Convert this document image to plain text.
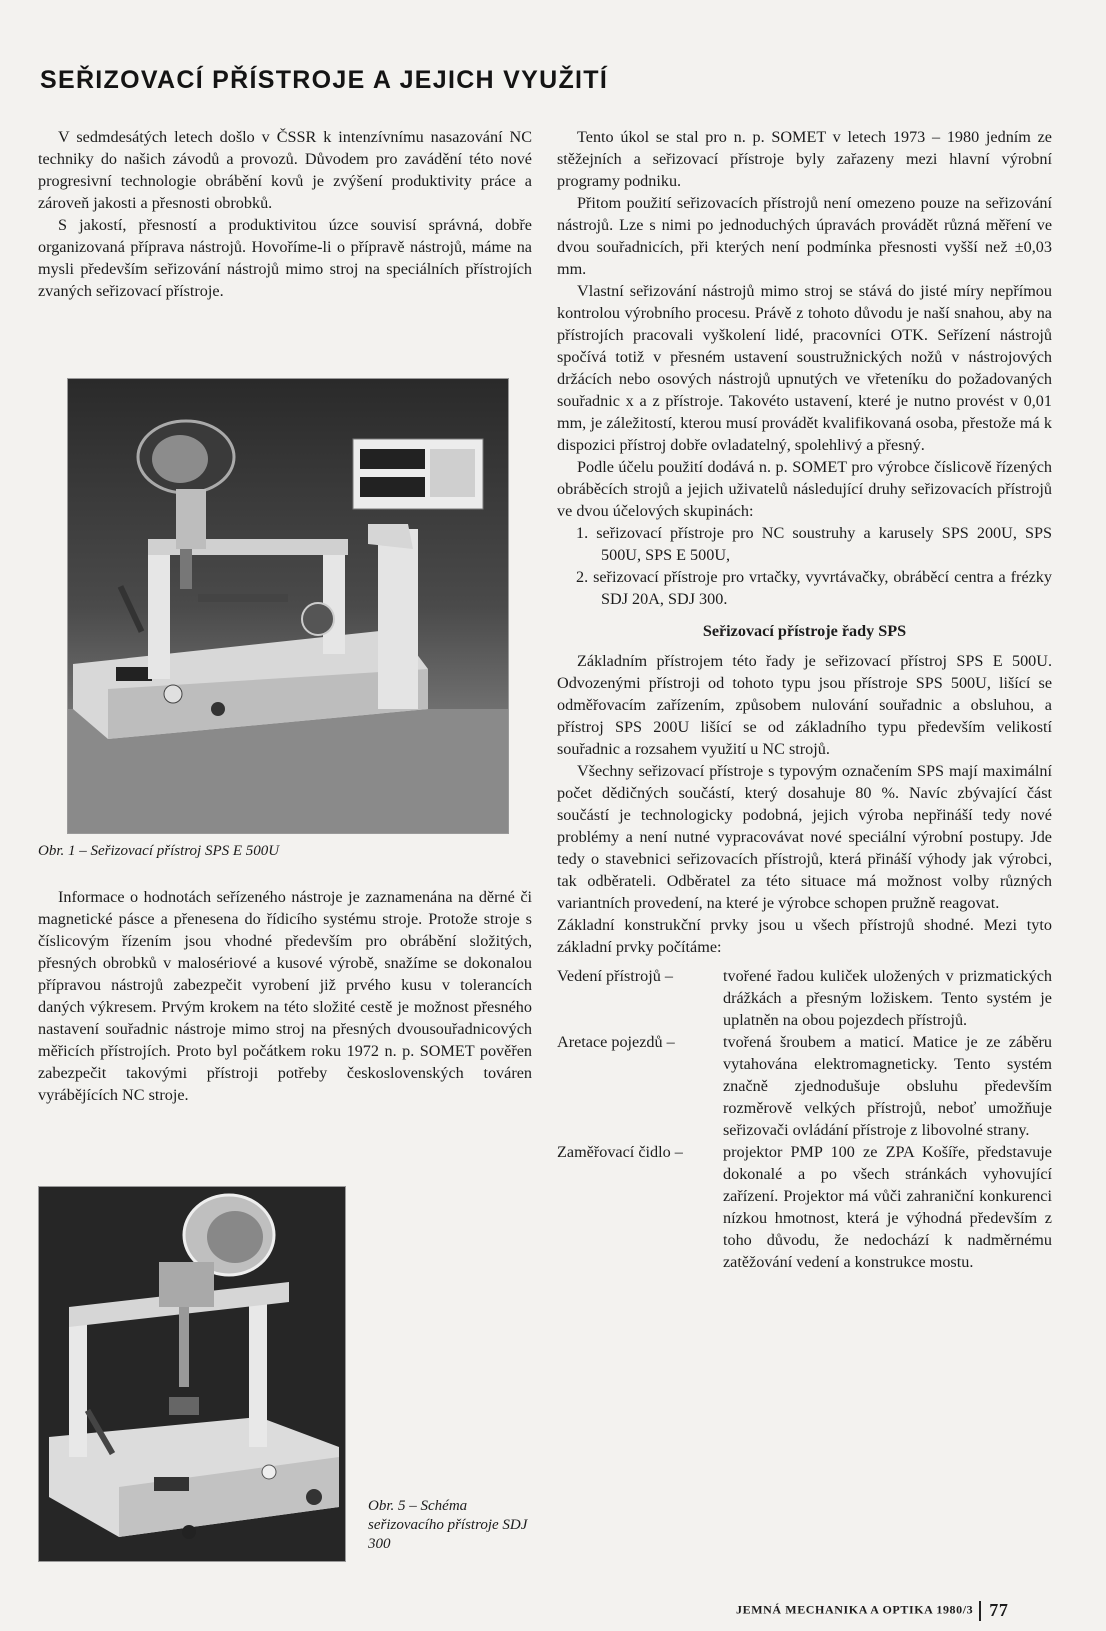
SEŘIZOVACÍ PŘÍSTROJE A JEJICH VYUŽITÍ

V sedmdesátých letech došlo v ČSSR k intenzívnímu nasazování NC techniky do našich závodů a provozů. Důvodem pro zavádění této nové progresivní technologie obrábění kovů je zvýšení produktivity práce a zároveň jakosti a přesnosti obrobků.

S jakostí, přesností a produktivitou úzce souvisí správná, dobře organizovaná příprava nástrojů. Hovoříme-li o přípravě nástrojů, máme na mysli především seřizování nástrojů mimo stroj na speciálních přístrojích zvaných seřizovací přístroje.

Obr. 1 – Seřizovací přístroj SPS E 500U

Informace o hodnotách seřízeného nástroje je zaznamenána na děrné či magnetické pásce a přenesena do řídicího systému stroje. Protože stroje s číslicovým řízením jsou vhodné především pro obrábění složitých, přesných obrobků v malosériové a kusové výrobě, snažíme se dokonalou přípravou nástrojů zabezpečit vyrobení již prvého kusu v tolerancích daných výkresem. Prvým krokem na této složité cestě je možnost přesného nastavení souřadnic nástroje mimo stroj na přesných dvousouřadnicových měřicích přístrojích. Proto byl počátkem roku 1972 n. p. SOMET pověřen zabezpečit takovými přístroji potřeby československých továren vyrábějících NC stroje.

Obr. 5 – Schéma seřizovacího přístroje SDJ 300

Tento úkol se stal pro n. p. SOMET v letech 1973 – 1980 jedním ze stěžejních a seřizovací přístroje byly zařazeny mezi hlavní výrobní programy podniku.

Přitom použití seřizovacích přístrojů není omezeno pouze na seřizování nástrojů. Lze s nimi po jednoduchých úpravách provádět různá měření ve dvou souřadnicích, při kterých není podmínka přesnosti vyšší než ±0,03 mm.

Vlastní seřizování nástrojů mimo stroj se stává do jisté míry nepřímou kontrolou výrobního procesu. Právě z tohoto důvodu je naší snahou, aby na přístrojích pracovali vyškolení lidé, pracovníci OTK. Seřízení nástrojů spočívá totiž v přesném ustavení soustružnických nožů v nástrojových držácích nebo osových nástrojů upnutých ve vřeteníku do požadovaných souřadnic x a z přístroje. Takovéto ustavení, které je nutno provést v 0,01 mm, je záležitostí, kterou musí provádět kvalifikovaná osoba, přestože má k dispozici přístroj dobře ovladatelný, spolehlivý a přesný.

Podle účelu použití dodává n. p. SOMET pro výrobce číslicově řízených obráběcích strojů a jejich uživatelů následující druhy seřizovacích přístrojů ve dvou účelových skupinách:

1. seřizovací přístroje pro NC soustruhy a karusely SPS 200U, SPS 500U, SPS E 500U,

2. seřizovací přístroje pro vrtačky, vyvrtávačky, obráběcí centra a frézky SDJ 20A, SDJ 300.

Seřizovací přístroje řady SPS

Základním přístrojem této řady je seřizovací přístroj SPS E 500U. Odvozenými přístroji od tohoto typu jsou přístroje SPS 500U, lišící se odměřovacím zařízením, způsobem nulování souřadnic a obsluhou, a přístroj SPS 200U lišící se od základního typu především velikostí souřadnic a rozsahem využití u NC strojů.

Všechny seřizovací přístroje s typovým označením SPS mají maximální počet dědičných součástí, který dosahuje 80 %. Navíc zbývající část součástí je technologicky podobná, jejich výroba nepřináší tedy nové problémy a není nutné vypracovávat nové speciální výrobní postupy. Jde tedy o stavebnici seřizovacích přístrojů, která přináší výhody jak výrobci, tak odběrateli. Odběratel za této situace má možnost volby různých variantních provedení, na které je výrobce schopen pružně reagovat.

Základní konstrukční prvky jsou u všech přístrojů shodné. Mezi tyto základní prvky počítáme:

Vedení přístrojů –	tvořené řadou kuliček uložených v prizmatických drážkách a přesným ložiskem. Tento systém je uplatněn na obou pojezdech přístrojů.
Aretace pojezdů –	tvořená šroubem a maticí. Matice je ze záběru vytahována elektromagneticky. Tento systém značně zjednodušuje obsluhu především rozměrově velkých přístrojů, neboť umožňuje seřizovači ovládání přístroje z libovolné strany.
Zaměřovací čidlo –	projektor PMP 100 ze ZPA Košíře, představuje dokonalé a po všech stránkách vyhovující zařízení. Projektor má vůči zahraniční konkurenci nízkou hmotnost, která je výhodná především z toho důvodu, že nedochází k nadměrnému zatěžování vedení a konstrukce mostu.
JEMNÁ MECHANIKA A OPTIKA 1980/3 77
